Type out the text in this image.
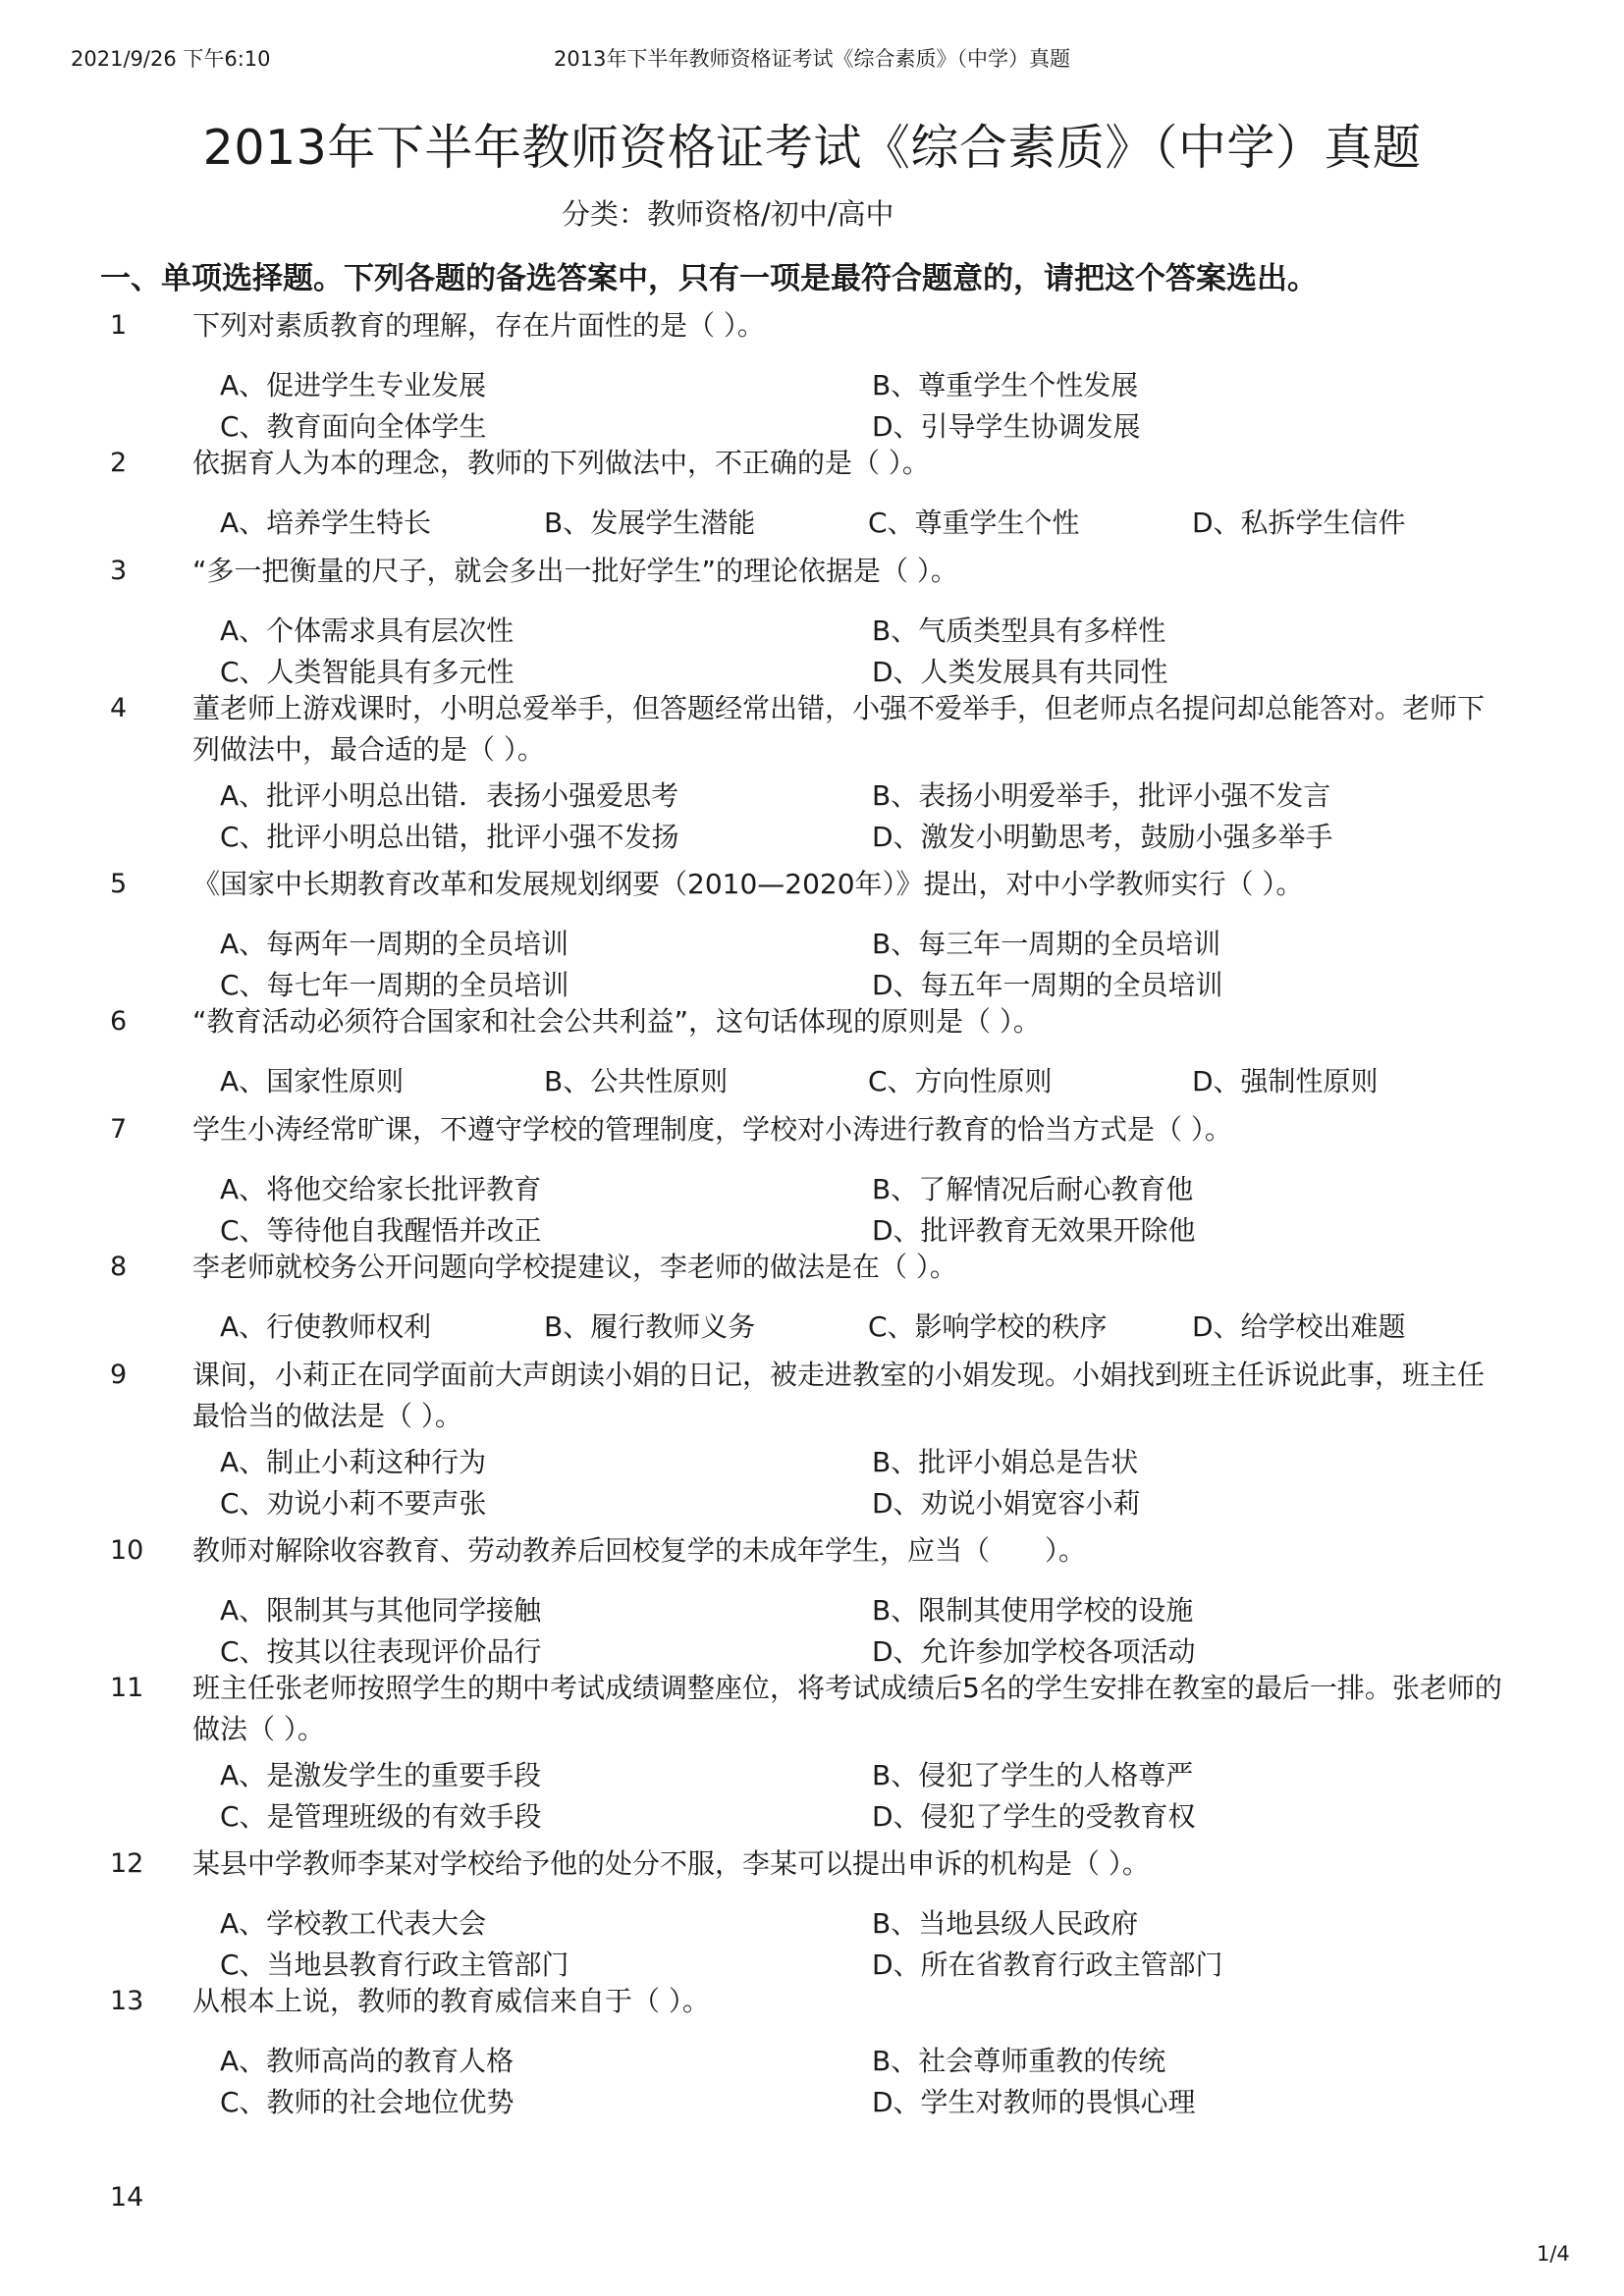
2021/9/26 下午6:10	2013年下半年教师资格证考试《综合素质》（中学）真题
2013年下半年教师资格证考试《综合素质》（中学）真题
分类：教师资格/初中/高中
一、单项选择题。下列各题的备选答案中，只有一项是最符合题意的，请把这个答案选出。
1 下列对素质教育的理解，存在片面性的是（ ）。
A、促进学生专业发展	B、尊重学生个性发展
C、教育面向全体学生	D、引导学生协调发展
2 依据育人为本的理念，教师的下列做法中，不正确的是（ ）。
A、培养学生特长	B、发展学生潜能	C、尊重学生个性	D、私拆学生信件
3 “多一把衡量的尺子，就会多出一批好学生”的理论依据是（ ）。
A、个体需求具有层次性	B、气质类型具有多样性
C、人类智能具有多元性	D、人类发展具有共同性
4 董老师上游戏课时，小明总爱举手，但答题经常出错，小强不爱举手，但老师点名提问却总能答对。老师下列做法中，最合适的是（ ）。
A、批评小明总出错．表扬小强爱思考	B、表扬小明爱举手，批评小强不发言
C、批评小明总出错，批评小强不发扬	D、激发小明勤思考，鼓励小强多举手
5 《国家中长期教育改革和发展规划纲要（2010—2020年）》提出，对中小学教师实行（ ）。
A、每两年一周期的全员培训	B、每三年一周期的全员培训
C、每七年一周期的全员培训	D、每五年一周期的全员培训
6 “教育活动必须符合国家和社会公共利益”，这句话体现的原则是（ ）。
A、国家性原则	B、公共性原则	C、方向性原则	D、强制性原则
7 学生小涛经常旷课，不遵守学校的管理制度，学校对小涛进行教育的恰当方式是（ ）。
A、将他交给家长批评教育	B、了解情况后耐心教育他
C、等待他自我醒悟并改正	D、批评教育无效果开除他
8 李老师就校务公开问题向学校提建议，李老师的做法是在（ ）。
A、行使教师权利	B、履行教师义务	C、影响学校的秩序	D、给学校出难题
9 课间，小莉正在同学面前大声朗读小娟的日记，被走进教室的小娟发现。小娟找到班主任诉说此事，班主任最恰当的做法是（ ）。
A、制止小莉这种行为	B、批评小娟总是告状
C、劝说小莉不要声张	D、劝说小娟宽容小莉
10 教师对解除收容教育、劳动教养后回校复学的未成年学生，应当（　　）。
A、限制其与其他同学接触	B、限制其使用学校的设施
C、按其以往表现评价品行	D、允许参加学校各项活动
11 班主任张老师按照学生的期中考试成绩调整座位，将考试成绩后5名的学生安排在教室的最后一排。张老师的做法（ ）。
A、是激发学生的重要手段	B、侵犯了学生的人格尊严
C、是管理班级的有效手段	D、侵犯了学生的受教育权
12 某县中学教师李某对学校给予他的处分不服，李某可以提出申诉的机构是（ ）。
A、学校教工代表大会	B、当地县级人民政府
C、当地县教育行政主管部门	D、所在省教育行政主管部门
13 从根本上说，教师的教育威信来自于（ ）。
A、教师高尚的教育人格	B、社会尊师重教的传统
C、教师的社会地位优势	D、学生对教师的畏惧心理
14
1/4
